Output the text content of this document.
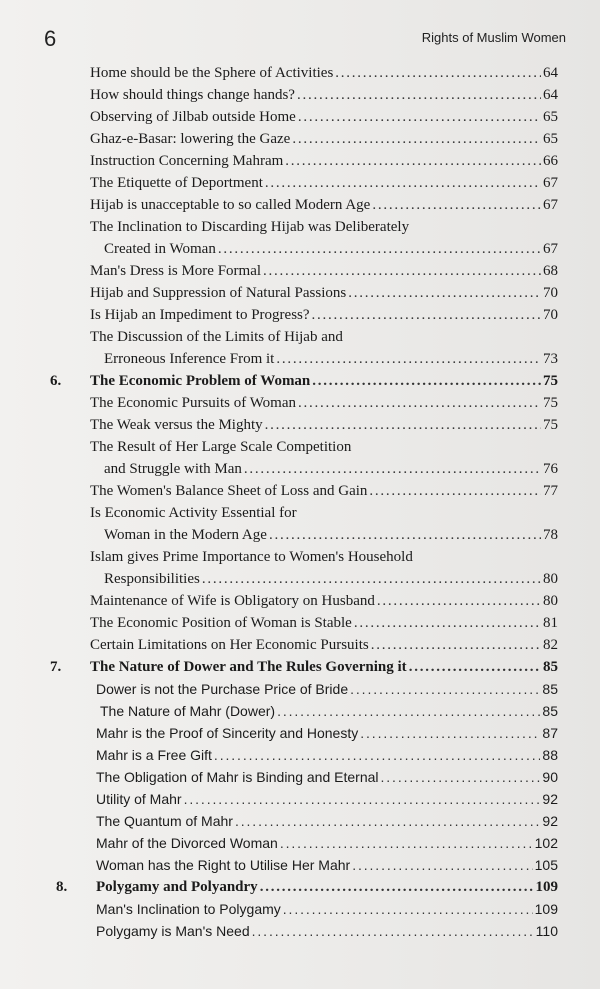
6	Rights of Muslim Women
Home should be the Sphere of Activities . . .	64
How should things change hands? . . .	64
Observing of Jilbab outside Home . . .	65
Ghaz-e-Basar: lowering the Gaze . . .	65
Instruction Concerning Mahram . . .	66
The Etiquette of Deportment . . .	67
Hijab is unacceptable to so called Modern Age . . .	67
The Inclination to Discarding Hijab was Deliberately
Created in Woman . . .	67
Man's Dress is More Formal . . .	68
Hijab and Suppression of Natural Passions . . .	70
Is Hijab an Impediment to Progress? . . .	70
The Discussion of the Limits of Hijab and
Erroneous Inference From it . . .	73
6. The Economic Problem of Woman . . .	75
The Economic Pursuits of Woman . . .	75
The Weak versus the Mighty . . .	75
The Result of Her Large Scale Competition
and Struggle with Man . . .	76
The Women's Balance Sheet of Loss and Gain . . .	77
Is Economic Activity Essential for
Woman in the Modern Age . . .	78
Islam gives Prime Importance to Women's Household
Responsibilities . . .	80
Maintenance of Wife is Obligatory on Husband . . .	80
The Economic Position of Woman is Stable . . .	81
Certain Limitations on Her Economic Pursuits . . .	82
7. The Nature of Dower and The Rules Governing it . . .	85
Dower is not the Purchase Price of Bride . . .	85
The Nature of Mahr (Dower) . . .	85
Mahr is the Proof of Sincerity and Honesty . . .	87
Mahr is a Free Gift . . .	88
The Obligation of Mahr is Binding and Eternal . . .	90
Utility of Mahr . . .	92
The Quantum of Mahr . . .	92
Mahr of the Divorced Woman . . .	102
Woman has the Right to Utilise Her Mahr . . .	105
8. Polygamy and Polyandry . . .	109
Man's Inclination to Polygamy . . .	109
Polygamy is Man's Need . . .	110
